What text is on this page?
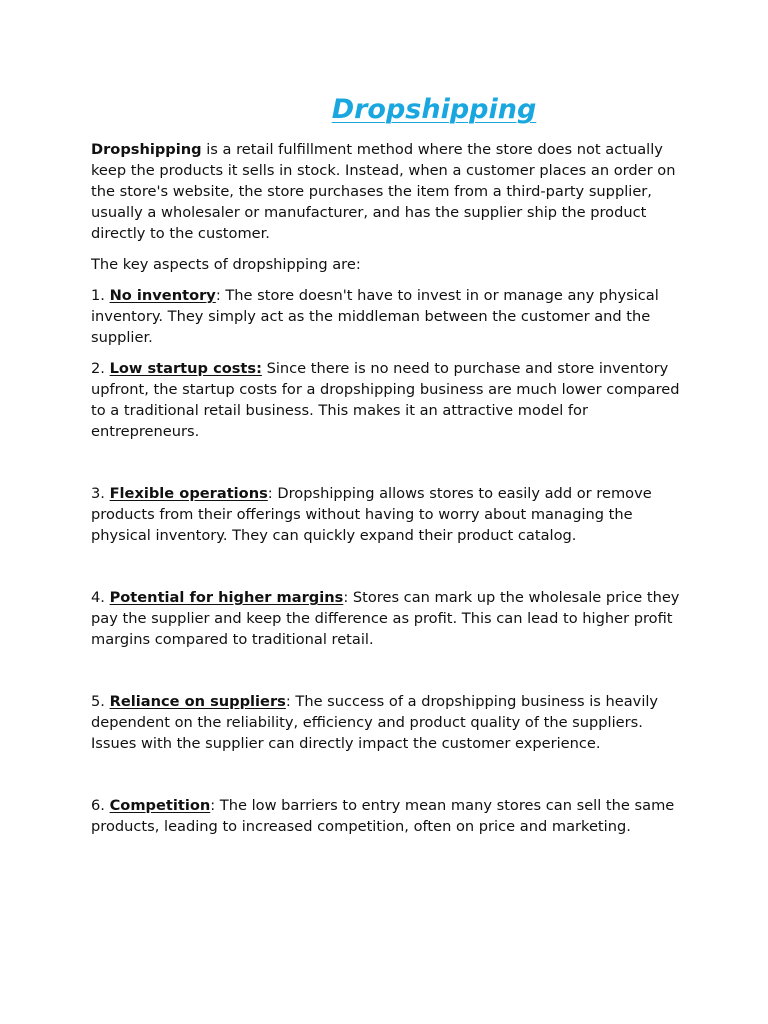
Dropshipping

Dropshipping is a retail fulfillment method where the store does not actually keep the products it sells in stock. Instead, when a customer places an order on the store's website, the store purchases the item from a third-party supplier, usually a wholesaler or manufacturer, and has the supplier ship the product directly to the customer.

The key aspects of dropshipping are:

1. No inventory: The store doesn't have to invest in or manage any physical inventory. They simply act as the middleman between the customer and the supplier.

2. Low startup costs: Since there is no need to purchase and store inventory upfront, the startup costs for a dropshipping business are much lower compared to a traditional retail business. This makes it an attractive model for entrepreneurs.

3. Flexible operations: Dropshipping allows stores to easily add or remove products from their offerings without having to worry about managing the physical inventory. They can quickly expand their product catalog.

4. Potential for higher margins: Stores can mark up the wholesale price they pay the supplier and keep the difference as profit. This can lead to higher profit margins compared to traditional retail.

5. Reliance on suppliers: The success of a dropshipping business is heavily dependent on the reliability, efficiency and product quality of the suppliers. Issues with the supplier can directly impact the customer experience.

6. Competition: The low barriers to entry mean many stores can sell the same products, leading to increased competition, often on price and marketing.
